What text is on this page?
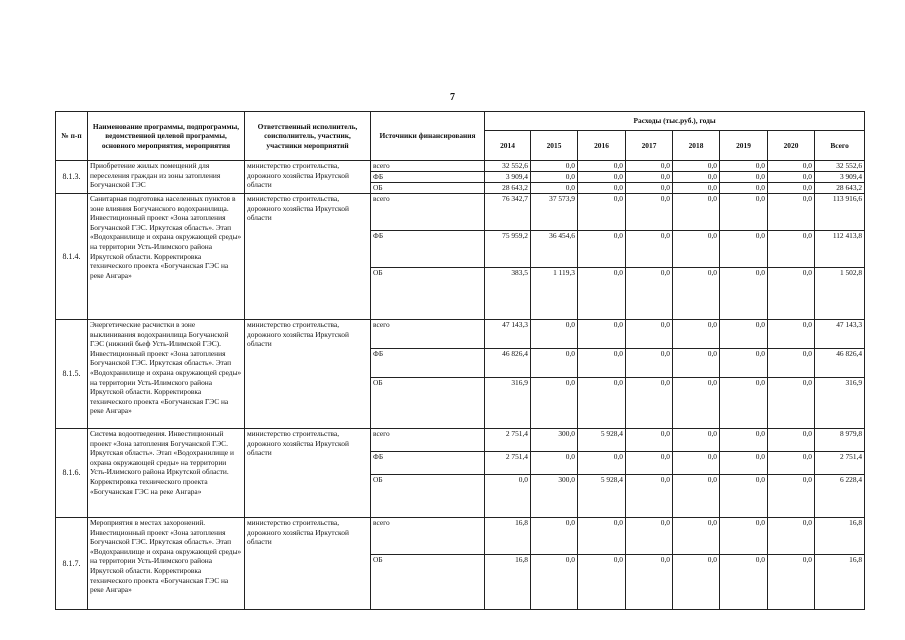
7
№ п-п	Наименование программы, подпрограммы, ведомственной целевой программы, основного мероприятия, мероприятия	Ответственный исполнитель, соисполнитель, участник, участники мероприятий	Источники финансирования	Расходы (тыс.руб.), годы							
				2014	2015	2016	2017	2018	2019	2020	Всего
8.1.3.	Приобретение жилых помещений для переселения граждан из зоны затопления Богучанской ГЭС	министерство строительства, дорожного хозяйства Иркутской области	всего	32 552,6	0,0	0,0	0,0	0,0	0,0	0,0	32 552,6
			ФБ	3 909,4	0,0	0,0	0,0	0,0	0,0	0,0	3 909,4
			ОБ	28 643,2	0,0	0,0	0,0	0,0	0,0	0,0	28 643,2
8.1.4.	Санитарная подготовка населенных пунктов в зоне влияния Богучанского водохранилища. Инвестиционный проект «Зона затопления Богучанской ГЭС. Иркутская область». Этап «Водохранилище и охрана окружающей среды» на территории Усть-Илимского района Иркутской области. Корректировка технического проекта «Богучанская ГЭС на реке Ангара»	министерство строительства, дорожного хозяйства Иркутской области	всего	76 342,7	37 573,9	0,0	0,0	0,0	0,0	0,0	113 916,6
			ФБ	75 959,2	36 454,6	0,0	0,0	0,0	0,0	0,0	112 413,8
			ОБ	383,5	1 119,3	0,0	0,0	0,0	0,0	0,0	1 502,8
8.1.5.	Энергетические расчистки в зоне выклинивания водохранилища Богучанской ГЭС (нижний бьеф Усть-Илимской ГЭС). Инвестиционный проект «Зона затопления Богучанской ГЭС. Иркутская область». Этап «Водохранилище и охрана окружающей среды» на территории Усть-Илимского района Иркутской области. Корректировка технического проекта «Богучанская ГЭС на реке Ангара»	министерство строительства, дорожного хозяйства Иркутской области	всего	47 143,3	0,0	0,0	0,0	0,0	0,0	0,0	47 143,3
			ФБ	46 826,4	0,0	0,0	0,0	0,0	0,0	0,0	46 826,4
			ОБ	316,9	0,0	0,0	0,0	0,0	0,0	0,0	316,9
8.1.6.	Система водоотведения. Инвестиционный проект «Зона затопления Богучанской ГЭС. Иркутская область». Этап «Водохранилище и охрана окружающей среды» на территории Усть-Илимского района Иркутской области. Корректировка технического проекта «Богучанская ГЭС на реке Ангара»	министерство строительства, дорожного хозяйства Иркутской области	всего	2 751,4	300,0	5 928,4	0,0	0,0	0,0	0,0	8 979,8
			ФБ	2 751,4	0,0	0,0	0,0	0,0	0,0	0,0	2 751,4
			ОБ	0,0	300,0	5 928,4	0,0	0,0	0,0	0,0	6 228,4
8.1.7.	Мероприятия в местах захоронений. Инвестиционный проект «Зона затопления Богучанской ГЭС. Иркутская область». Этап «Водохранилище и охрана окружающей среды» на территории Усть-Илимского района Иркутской области. Корректировка технического проекта «Богучанская ГЭС на реке Ангара»	министерство строительства, дорожного хозяйства Иркутской области	всего	16,8	0,0	0,0	0,0	0,0	0,0	0,0	16,8
			ОБ	16,8	0,0	0,0	0,0	0,0	0,0	0,0	16,8
